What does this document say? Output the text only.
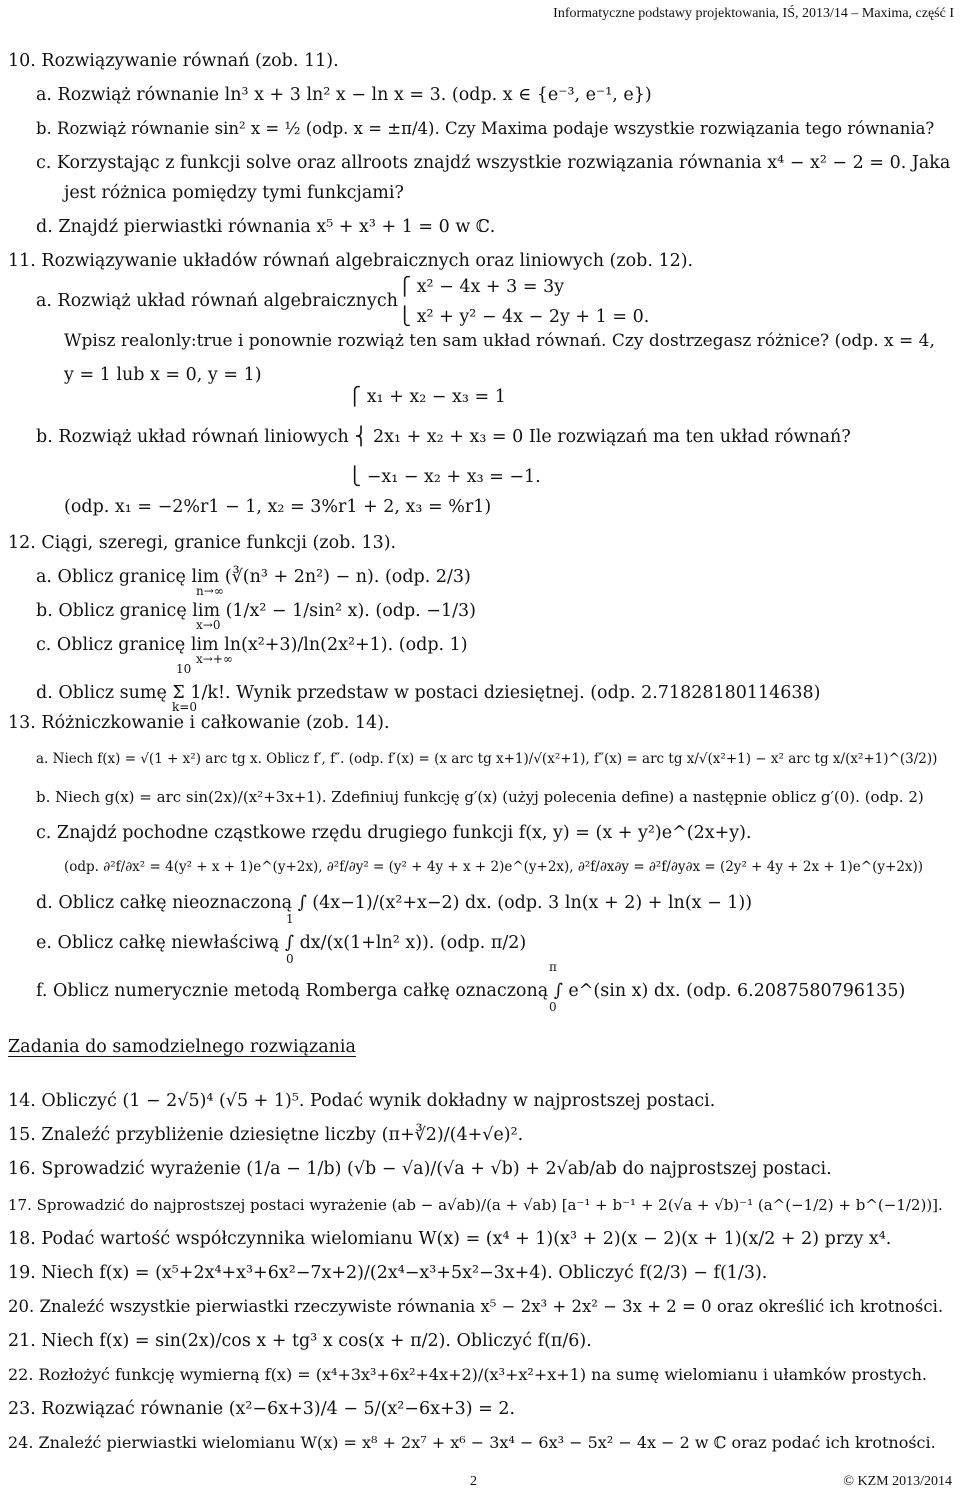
Informatyczne podstawy projektowania, IŚ, 2013/14 – Maxima, część I
10. Rozwiązywanie równań (zob. 11).
a. Rozwiąż równanie ln³ x + 3 ln² x − ln x = 3. (odp. x ∈ {e⁻³, e⁻¹, e})
b. Rozwiąż równanie sin² x = ½ (odp. x = ±π/4). Czy Maxima podaje wszystkie rozwiązania tego równania?
c. Korzystając z funkcji solve oraz allroots znajdź wszystkie rozwiązania równania x⁴ − x² − 2 = 0. Jaka
jest różnica pomiędzy tymi funkcjami?
d. Znajdź pierwiastki równania x⁵ + x³ + 1 = 0 w ℂ.
11. Rozwiązywanie układów równań algebraicznych oraz liniowych (zob. 12).
⎧ x² − 4x + 3 = 3y
a. Rozwiąż układ równań algebraicznych
⎩ x² + y² − 4x − 2y + 1 = 0.
Wpisz realonly:true i ponownie rozwiąż ten sam układ równań. Czy dostrzegasz różnice? (odp. x = 4,
y = 1 lub x = 0, y = 1)
⎧ x₁ + x₂ − x₃ = 1
b. Rozwiąż układ równań liniowych ⎨ 2x₁ + x₂ + x₃ = 0 Ile rozwiązań ma ten układ równań?
⎩ −x₁ − x₂ + x₃ = −1.
(odp. x₁ = −2%r1 − 1, x₂ = 3%r1 + 2, x₃ = %r1)
12. Ciągi, szeregi, granice funkcji (zob. 13).
a. Oblicz granicę lim (∛(n³ + 2n²) − n). (odp. 2/3)
n→∞
b. Oblicz granicę lim (1/x² − 1/sin² x). (odp. −1/3)
x→0
c. Oblicz granicę lim ln(x²+3)/ln(2x²+1). (odp. 1)
x→+∞
10
d. Oblicz sumę Σ 1/k!. Wynik przedstaw w postaci dziesiętnej. (odp. 2.71828180114638)
k=0
13. Różniczkowanie i całkowanie (zob. 14).
a. Niech f(x) = √(1 + x²) arc tg x. Oblicz f′, f″. (odp. f′(x) = (x arc tg x+1)/√(x²+1), f″(x) = arc tg x/√(x²+1) − x² arc tg x/(x²+1)^(3/2))
b. Niech g(x) = arc sin(2x)/(x²+3x+1). Zdefiniuj funkcję g′(x) (użyj polecenia define) a następnie oblicz g′(0). (odp. 2)
c. Znajdź pochodne cząstkowe rzędu drugiego funkcji f(x, y) = (x + y²)e^(2x+y).
(odp. ∂²f/∂x² = 4(y² + x + 1)e^(y+2x), ∂²f/∂y² = (y² + 4y + x + 2)e^(y+2x), ∂²f/∂x∂y = ∂²f/∂y∂x = (2y² + 4y + 2x + 1)e^(y+2x))
d. Oblicz całkę nieoznaczoną ∫ (4x−1)/(x²+x−2) dx. (odp. 3 ln(x + 2) + ln(x − 1))
1
e. Oblicz całkę niewłaściwą ∫ dx/(x(1+ln² x)). (odp. π/2)
0
π
f. Oblicz numerycznie metodą Romberga całkę oznaczoną ∫ e^(sin x) dx. (odp. 6.2087580796135)
0
Zadania do samodzielnego rozwiązania
14. Obliczyć (1 − 2√5)⁴ (√5 + 1)⁵. Podać wynik dokładny w najprostszej postaci.
15. Znaleźć przybliżenie dziesiętne liczby (π+∛2)/(4+√e)².
16. Sprowadzić wyrażenie (1/a − 1/b) (√b − √a)/(√a + √b) + 2√ab/ab do najprostszej postaci.
17. Sprowadzić do najprostszej postaci wyrażenie (ab − a√ab)/(a + √ab) [a⁻¹ + b⁻¹ + 2(√a + √b)⁻¹ (a^(−1/2) + b^(−1/2))].
18. Podać wartość współczynnika wielomianu W(x) = (x⁴ + 1)(x³ + 2)(x − 2)(x + 1)(x/2 + 2) przy x⁴.
19. Niech f(x) = (x⁵+2x⁴+x³+6x²−7x+2)/(2x⁴−x³+5x²−3x+4). Obliczyć f(2/3) − f(1/3).
20. Znaleźć wszystkie pierwiastki rzeczywiste równania x⁵ − 2x³ + 2x² − 3x + 2 = 0 oraz określić ich krotności.
21. Niech f(x) = sin(2x)/cos x + tg³ x cos(x + π/2). Obliczyć f(π/6).
22. Rozłożyć funkcję wymierną f(x) = (x⁴+3x³+6x²+4x+2)/(x³+x²+x+1) na sumę wielomianu i ułamków prostych.
23. Rozwiązać równanie (x²−6x+3)/4 − 5/(x²−6x+3) = 2.
24. Znaleźć pierwiastki wielomianu W(x) = x⁸ + 2x⁷ + x⁶ − 3x⁴ − 6x³ − 5x² − 4x − 2 w ℂ oraz podać ich krotności.
2	© KZM 2013/2014
